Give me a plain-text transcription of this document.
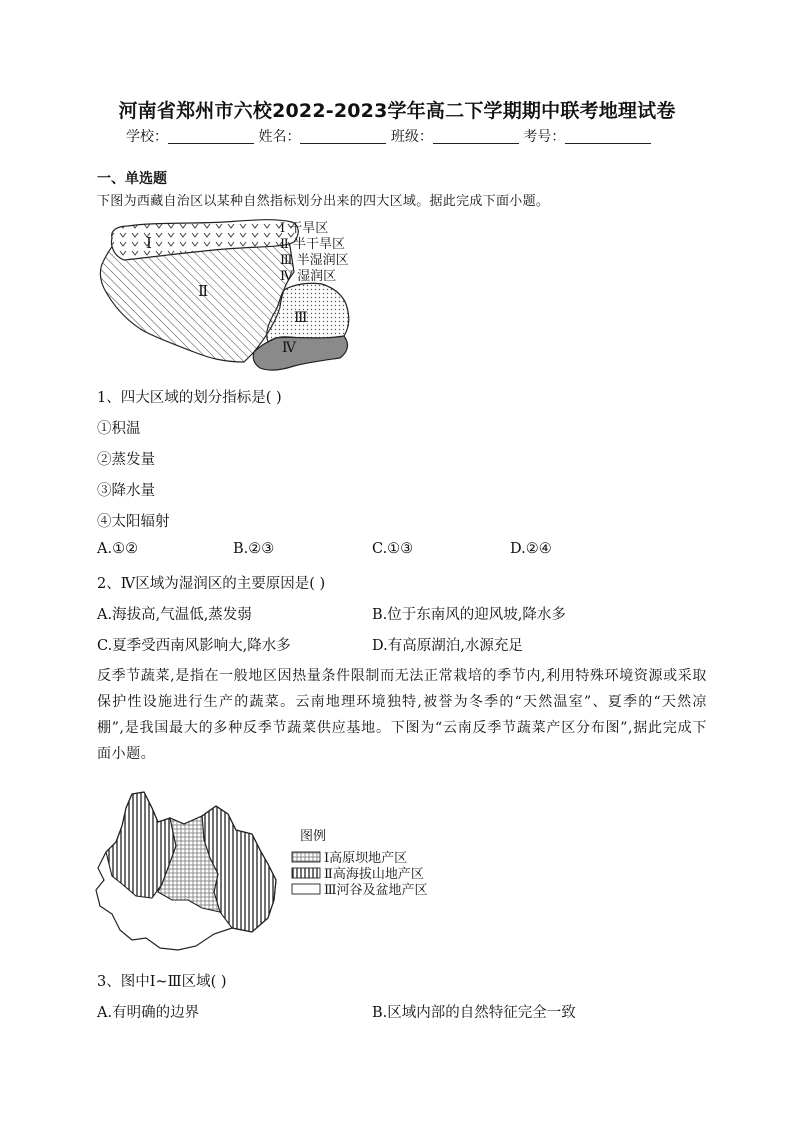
河南省郑州市六校2022-2023学年高二下学期期中联考地理试卷
学校：	姓名：	班级：	考号：
一、单选题
下图为西藏自治区以某种自然指标划分出来的四大区域。据此完成下面小题。
Ⅰ
Ⅱ
Ⅲ
Ⅳ
Ⅰ 干旱区
Ⅱ 半干旱区
Ⅲ 半湿润区
Ⅳ 湿润区
1、四大区域的划分指标是( )
①积温
②蒸发量
③降水量
④太阳辐射
A.①②	B.②③	C.①③	D.②④
2、Ⅳ区域为湿润区的主要原因是( )
A.海拔高,气温低,蒸发弱	B.位于东南风的迎风坡,降水多
C.夏季受西南风影响大,降水多	D.有高原湖泊,水源充足
反季节蔬菜,是指在一般地区因热量条件限制而无法正常栽培的季节内,利用特殊环境资源或采取保护性设施进行生产的蔬菜。云南地理环境独特,被誉为冬季的“天然温室”、夏季的“天然凉棚”,是我国最大的多种反季节蔬菜供应基地。下图为“云南反季节蔬菜产区分布图”,据此完成下面小题。
图例
Ⅰ高原坝地产区
Ⅱ高海拔山地产区
Ⅲ河谷及盆地产区
3、图中Ⅰ~Ⅲ区域( )
A.有明确的边界	B.区域内部的自然特征完全一致
